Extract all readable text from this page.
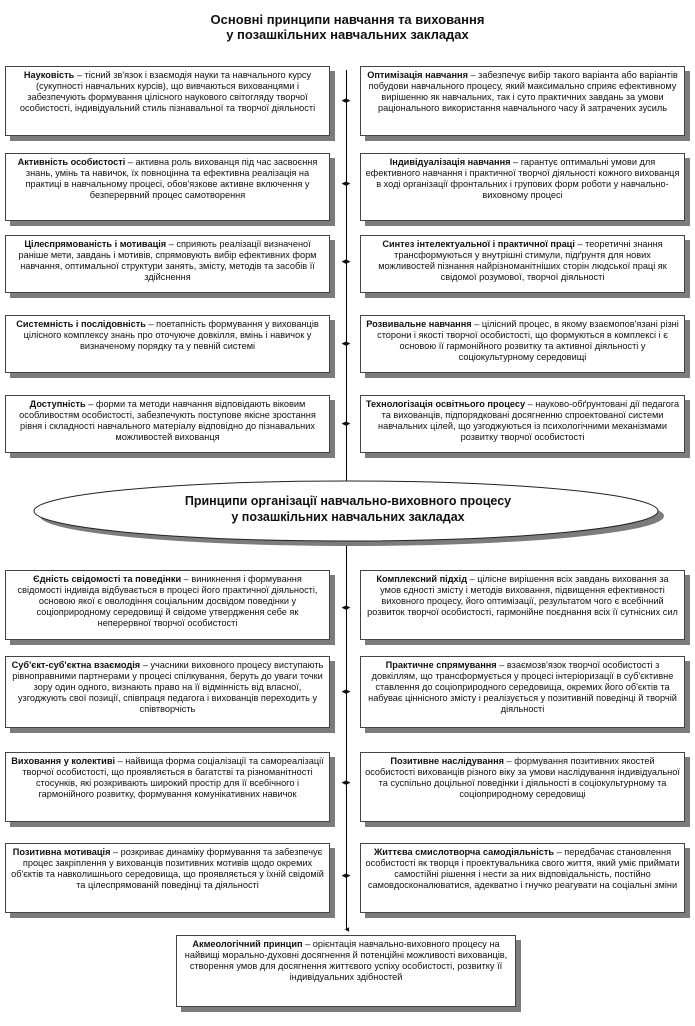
Основні принципи навчання та виховання
у позашкільних навчальних закладах
◂▸
◂▸
◂▸
◂▸
◂▸
◂▸
◂▸
◂▸
◂▸
▾
Науковість – тісний зв'язок і взаємодія науки та навчального курсу (сукупності навчальних курсів), що вивчаються вихованцями і забезпечують формування цілісного наукового світогляду творчої особистості, індивідуальний стиль пізнавальної та творчої діяльності
Активність особистості – активна роль вихованця під час засвоєння знань, умінь та навичок, їх повноцінна та ефективна реалізація на практиці в навчальному процесі, обов'язкове активне включення у безперервний процес самотворення
Цілеспрямованість і мотивація – сприяють реалізації визначеної раніше мети, завдань і мотивів, спрямовують вибір ефективних форм навчання, оптимальної структури занять, змісту, методів та засобів її здійснення
Системність і послідовність – поетапність формування у вихованців цілісного комплексу знань про оточуюче довкілля, вмінь і навичок у визначеному порядку та у певній системі
Доступність – форми та методи навчання відповідають віковим особливостям особистості, забезпечують поступове якісне зростання рівня і складності навчального матеріалу відповідно до пізнавальних можливостей вихованця
Оптимізація навчання – забезпечує вибір такого варіанта або варіантів побудови навчального процесу, який максимально сприяє ефективному вирішенню як навчальних, так і суто практичних завдань за умови раціонального використання навчального часу й затрачених зусиль
Індивідуалізація навчання – гарантує оптимальні умови для ефективного навчання і практичної творчої діяльності кожного вихованця в ході організації фронтальних і групових форм роботи у навчально-виховному процесі
Синтез інтелектуальної і практичної праці – теоретичні знання трансформуються у внутрішні стимули, підґрунтя для нових можливостей пізнання найрізноманітніших сторін людської праці як свідомої розумової, творчої діяльності
Розвивальне навчання – цілісний процес, в якому взаємопов'язані різні сторони і якості творчої особистості, що формуються в комплексі і є основою її гармонійного розвитку та активної діяльності у соціокультурному середовищі
Технологізація освітнього процесу – науково-обґрунтовані дії педагога та вихованців, підпорядковані досягненню спроектованої системи навчальних цілей, що узгоджуються із психологічними механізмами розвитку творчої особистості
Принципи організації навчально-виховного процесу
у позашкільних навчальних закладах
Єдність свідомості та поведінки – виникнення і формування свідомості індивіда відбувається в процесі його практичної діяльності, основою якої є оволодіння соціальним досвідом поведінки у соціоприродному середовищі й свідоме утвердження себе як неперервної творчої особистості
Суб'єкт-суб'єктна взаємодія – учасники виховного процесу виступають рівноправними партнерами у процесі спілкування, беруть до уваги точки зору один одного, визнають право на її відмінність від власної, узгоджують свої позиції, співпраця педагога і вихованців переходить у співтворчість
Виховання у колективі – найвища форма соціалізації та самореалізації творчої особистості, що проявляється в багатстві та різноманітності стосунків, які розкривають широкий простір для її всебічного і гармонійного розвитку, формування комунікативних навичок
Позитивна мотивація – розкриває динаміку формування та забезпечує процес закріплення у вихованців позитивних мотивів щодо окремих об'єктів та навколишнього середовища, що проявляється у їхній свідомій та цілеспрямованій поведінці та діяльності
Комплексний підхід – цілісне вирішення всіх завдань виховання за умов єдності змісту і методів виховання, підвищення ефективності виховного процесу, його оптимізації, результатом чого є всебічний розвиток творчої особистості, гармонійне поєднання всіх її сутнісних сил
Практичне спрямування – взаємозв'язок творчої особистості з довкіллям, що трансформується у процесі інтеріоризації в суб'єктивне ставлення до соціоприродного середовища, окремих його об'єктів та набуває ціннісного змісту і реалізується у позитивній поведінці й творчій діяльності
Позитивне наслідування – формування позитивних якостей особистості вихованців різного віку за умови наслідування індивідуальної та суспільно доцільної поведінки і діяльності в соціокультурному та соціоприродному середовищі
Життєва смислотворча самодіяльність – передбачає становлення особистості як творця і проектувальника свого життя, який уміє приймати самостійні рішення і нести за них відповідальність, постійно самовдосконалюватися, адекватно і гнучко реагувати на соціальні зміни
Акмеологічний принцип – орієнтація навчально-виховного процесу на найвищі морально-духовні досягнення й потенційні можливості вихованців, створення умов для досягнення життєвого успіху особистості, розвитку її індивідуальних здібностей
